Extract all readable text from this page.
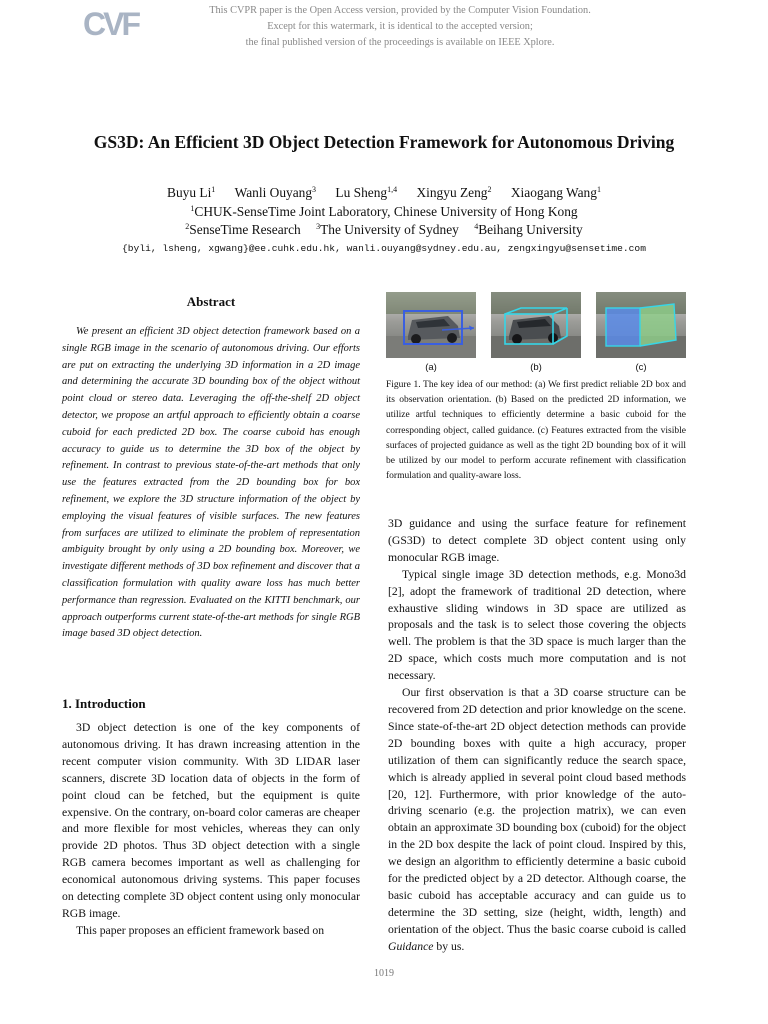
CVF	This CVPR paper is the Open Access version, provided by the Computer Vision Foundation.
Except for this watermark, it is identical to the accepted version;
the final published version of the proceedings is available on IEEE Xplore.
GS3D: An Efficient 3D Object Detection Framework for Autonomous Driving
Buyu Li$^1$ Wanli Ouyang$^3$ Lu Sheng$^{1,4}$ Xingyu Zeng$^2$ Xiaogang Wang$^1$
$^1$CHUK-SenseTime Joint Laboratory, Chinese University of Hong Kong
$^2$SenseTime Research $^3$The University of Sydney $^4$Beihang University
{byli, lsheng, xgwang}@ee.cuhk.edu.hk, wanli.ouyang@sydney.edu.au, zengxingyu@sensetime.com
Abstract

We present an efficient 3D object detection framework based on a single RGB image in the scenario of autonomous driving. Our efforts are put on extracting the underlying 3D information in a 2D image and determining the accurate 3D bounding box of the object without point cloud or stereo data. Leveraging the off-the-shelf 2D object detector, we propose an artful approach to efficiently obtain a coarse cuboid for each predicted 2D box. The coarse cuboid has enough accuracy to guide us to determine the 3D box of the object by refinement. In contrast to previous state-of-the-art methods that only use the features extracted from the 2D bounding box for box refinement, we explore the 3D structure information of the object by employing the visual features of visible surfaces. The new features from surfaces are utilized to eliminate the problem of representation ambiguity brought by only using a 2D bounding box. Moreover, we investigate different methods of 3D box refinement and discover that a classification formulation with quality aware loss has much better performance than regression. Evaluated on the KITTI benchmark, our approach outperforms current state-of-the-art methods for single RGB image based 3D object detection.

1. Introduction

3D object detection is one of the key components of autonomous driving. It has drawn increasing attention in the recent computer vision community. With 3D LIDAR laser scanners, discrete 3D location data of objects in the form of point cloud can be fetched, but the equipment is quite expensive. On the contrary, on-board color cameras are cheaper and more flexible for most vehicles, whereas they can only provide 2D photos. Thus 3D object detection with a single RGB camera becomes important as well as challenging for economical autonomous driving systems. This paper focuses on detecting complete 3D object content using only monocular RGB image.

This paper proposes an efficient framework based on

(a)	(b)	(c)
Figure 1. The key idea of our method: (a) We first predict reliable 2D box and its observation orientation. (b) Based on the predicted 2D information, we utilize artful techniques to efficiently determine a basic cuboid for the corresponding object, called guidance. (c) Features extracted from the visible surfaces of projected guidance as well as the tight 2D bounding box of it will be utilized by our model to perform accurate refinement with classification formulation and quality-aware loss.

3D guidance and using the surface feature for refinement (GS3D) to detect complete 3D object content using only monocular RGB image.

Typical single image 3D detection methods, e.g. Mono3d [2], adopt the framework of traditional 2D detection, where exhaustive sliding windows in 3D space are utilized as proposals and the task is to select those covering the objects well. The problem is that the 3D space is much larger than the 2D space, which costs much more computation and is not necessary.

Our first observation is that a 3D coarse structure can be recovered from 2D detection and prior knowledge on the scene. Since state-of-the-art 2D object detection methods can provide 2D bounding boxes with quite a high accuracy, proper utilization of them can significantly reduce the search space, which is already applied in several point cloud based methods [20, 12]. Furthermore, with prior knowledge of the auto-driving scenario (e.g. the projection matrix), we can even obtain an approximate 3D bounding box (cuboid) for the object in the 2D box despite the lack of point cloud. Inspired by this, we design an algorithm to efficiently determine a basic cuboid for the predicted object by a 2D detector. Although coarse, the basic cuboid has acceptable accuracy and can guide us to determine the 3D setting, size (height, width, length) and orientation of the object. Thus the basic coarse cuboid is called Guidance by us.

1019
